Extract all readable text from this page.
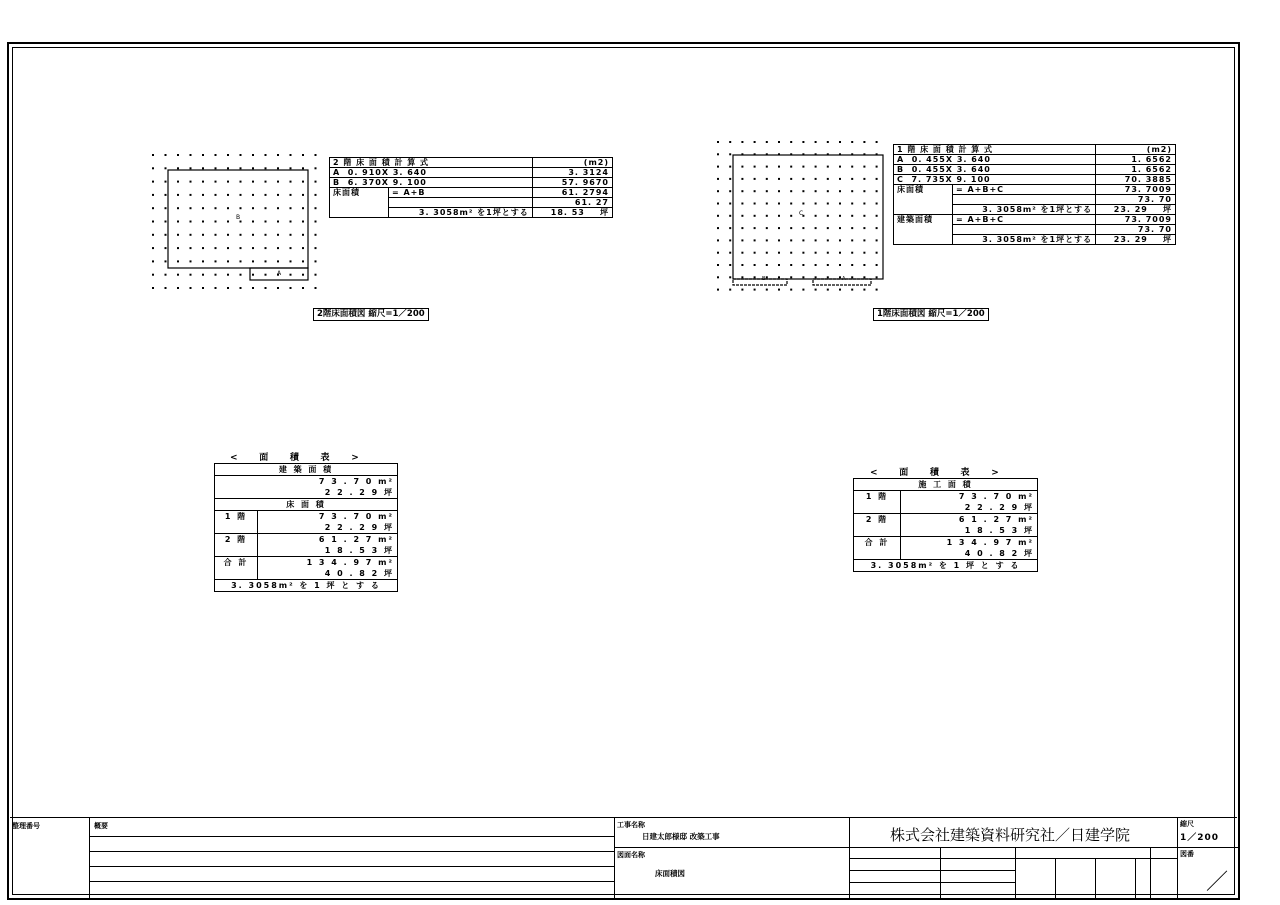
B
A
2 階 床 面 積 計 算 式		(m2)
A 0. 910X 3. 640		3. 3124
B 6. 370X 9. 100		57. 9670
床面積	= A+B	61. 2794
		61. 27
	3. 3058m² を1坪とする	18. 53 坪
2階床面積図 縮尺=1／200
C
B	A
1 階 床 面 積 計 算 式		(m2)
A 0. 455X 3. 640		1. 6562
B 0. 455X 3. 640		1. 6562
C 7. 735X 9. 100		70. 3885
床面積	= A+B+C	73. 7009
		73. 70
	3. 3058m² を1坪とする	23. 29 坪
建築面積	= A+B+C	73. 7009
		73. 70
	3. 3058m² を1坪とする	23. 29 坪
1階床面積図 縮尺=1／200
<     面     積     表     >
建 築 面 積	
7 3 . 7 0 m²	
2 2 . 2 9 坪	
床 面 積	
1 階	7 3 . 7 0 m²
	2 2 . 2 9 坪
2 階	6 1 . 2 7 m²
	1 8 . 5 3 坪
合 計	1 3 4 . 9 7 m²
	4 0 . 8 2 坪
3. 3058m² を 1 坪 と す る	
<     面     積     表     >
施 工 面 積	
1 階	7 3 . 7 0 m²
	2 2 . 2 9 坪
2 階	6 1 . 2 7 m²
	1 8 . 5 3 坪
合 計	1 3 4 . 9 7 m²
	4 0 . 8 2 坪
3. 3058m² を 1 坪 と す る	
整理番号	概要	工事名称
日建太郎様邸 改築工事
図面名称
床面積図
株式会社建築資料研究社／日建学院
縮尺
1／200
図番
／
